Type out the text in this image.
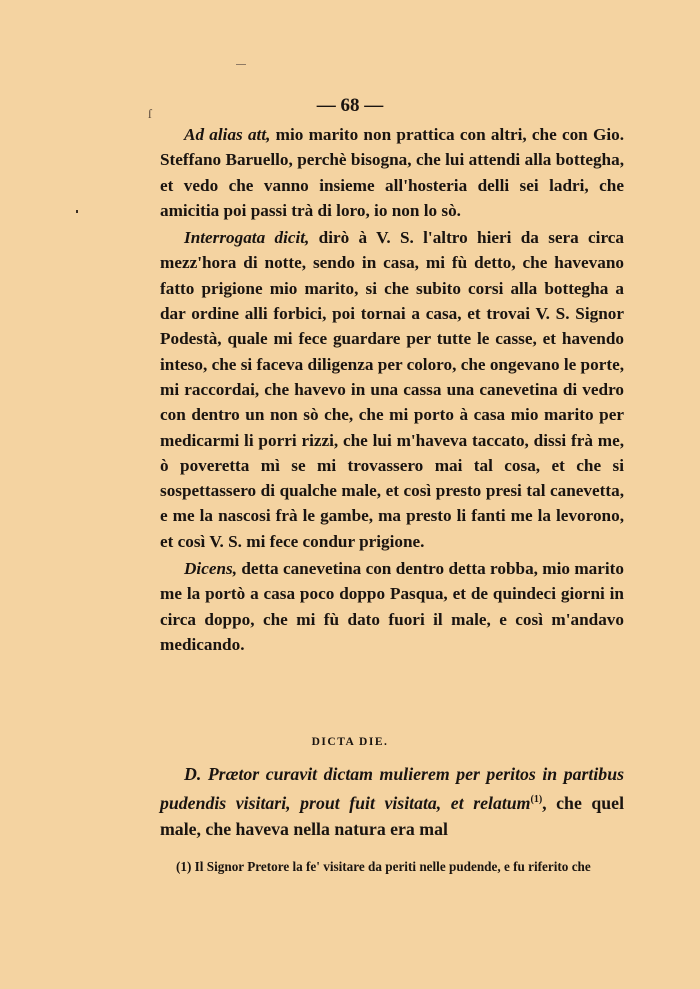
ſ	— 68 —

Ad alias att, mio marito non prattica con altri, che con Gio. Steffano Baruello, perchè bisogna, che lui attendi alla botteghа, et vedo che vanno insieme all'hosteria delli sei ladri, che amicitia poi passi trà di loro, io non lo sò.

Interrogata dicit, dirò à V. S. l'altro hieri da sera circa mezz'hora di notte, sendo in casa, mi fù detto, che havevano fatto prigione mio marito, si che subito corsi alla botteghа a dar ordine alli forbici, poi tornai a casa, et trovai V. S. Signor Podestà, quale mi fece guardare per tutte le casse, et havendo inteso, che si faceva diligenza per coloro, che ongevano le porte, mi raccordai, che havevo in una cassa una canevetina di vedro con dentro un non sò che, che mi porto à casa mio marito per medicarmi li porri rizzi, che lui m'haveva taccato, dissi frà me, ò poveretta mì se mi trovassero mai tal cosa, et che si sospettassero di qualche male, et così presto presi tal canevetta, e me la nascosi frà le gambe, ma presto li fanti me la levorono, et così V. S. mi fece condur prigione.

Dicens, detta canevetina con dentro detta robba, mio marito me la portò a casa poco doppo Pasqua, et de quindeci giorni in circa doppo, che mi fù dato fuori il male, e così m'andavo medicando.

DICTA DIE.

D. Prætor curavit dictam mulierem per peritos in partibus pudendis visitari, prout fuit visitata, et relatum$^{(1)}$, che quel male, che haveva nella natura era mal

(1) Il Signor Pretore la fe' visitare da periti nelle pudende, e fu riferito che
